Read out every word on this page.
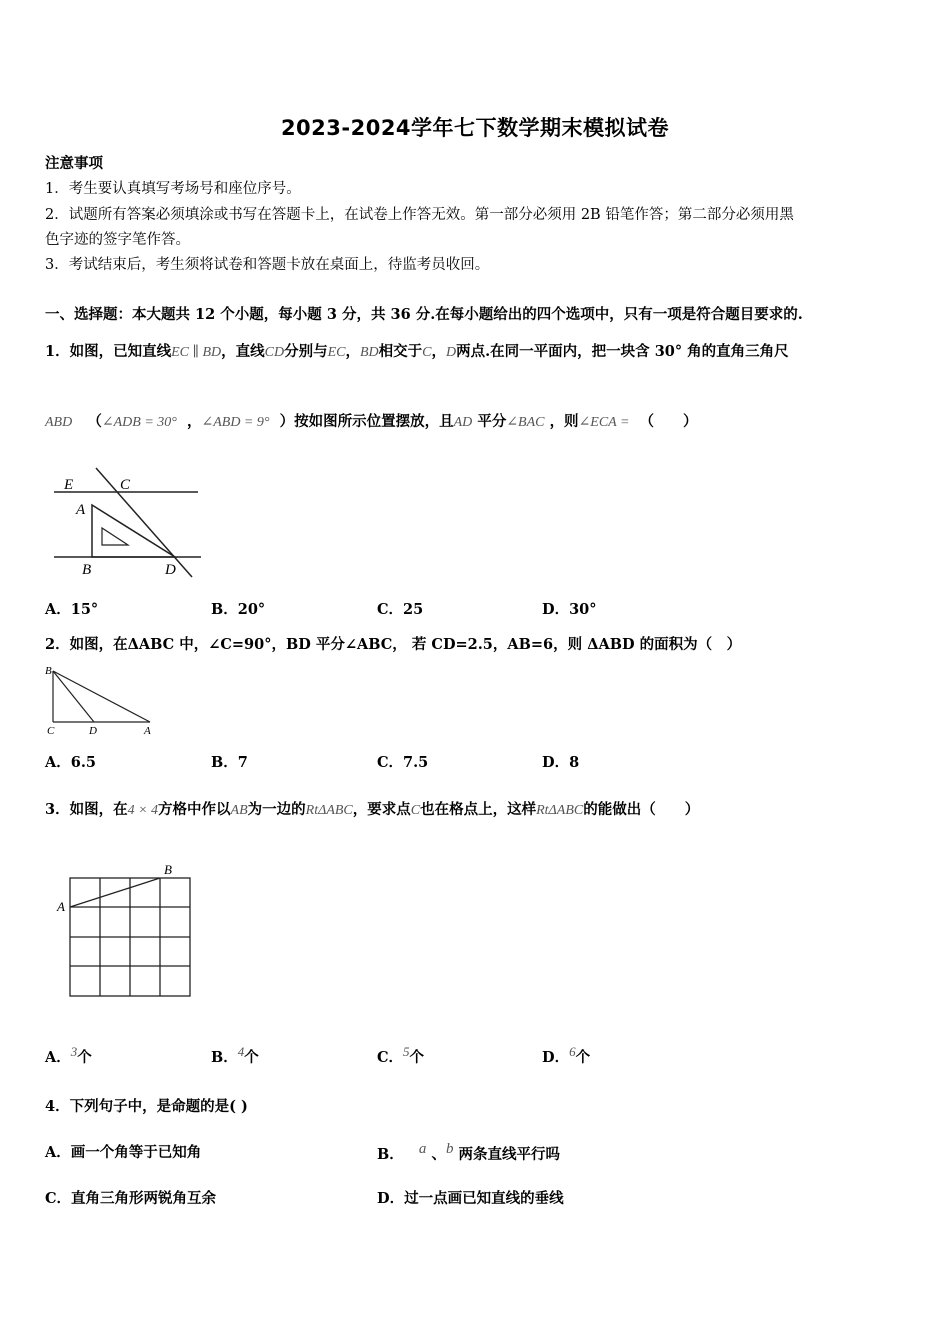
2023-2024学年七下数学期末模拟试卷
注意事项
1．考生要认真填写考场号和座位序号。
2．试题所有答案必须填涂或书写在答题卡上，在试卷上作答无效。第一部分必须用 2B 铅笔作答；第二部分必须用黑
色字迹的签字笔作答。
3．考试结束后，考生须将试卷和答题卡放在桌面上，待监考员收回。
一、选择题：本大题共 12 个小题，每小题 3 分，共 36 分.在每小题给出的四个选项中，只有一项是符合题目要求的.
1．如图，已知直线EC ∥ BD，直线CD分别与EC，BD相交于C，D两点.在同一平面内，把一块含 30° 角的直角三角尺
ABD （∠ADB = 30° ，∠ABD = 9° ）按如图所示位置摆放，且AD 平分∠BAC ，则∠ECA = （　　）
E	C
A
B	D
A．15°	B．20°	C．25	D．30°
2．如图，在ΔABC 中，∠C=90°，BD 平分∠ABC， 若 CD=2.5，AB=6，则 ΔABD 的面积为（　）
B
C	D	A
A．6.5	B．7	C．7.5	D．8
3．如图，在4 × 4方格中作以AB为一边的RtΔABC，要求点C也在格点上，这样RtΔABC的能做出（　　）
A
B
A．$^3$个	B．$^4$个	C．$^5$个	D．$^6$个
4．下列句子中，是命题的是( )
A．画一个角等于已知角	B． $^a$ 、$^b$ 两条直线平行吗
C．直角三角形两锐角互余	D．过一点画已知直线的垂线
